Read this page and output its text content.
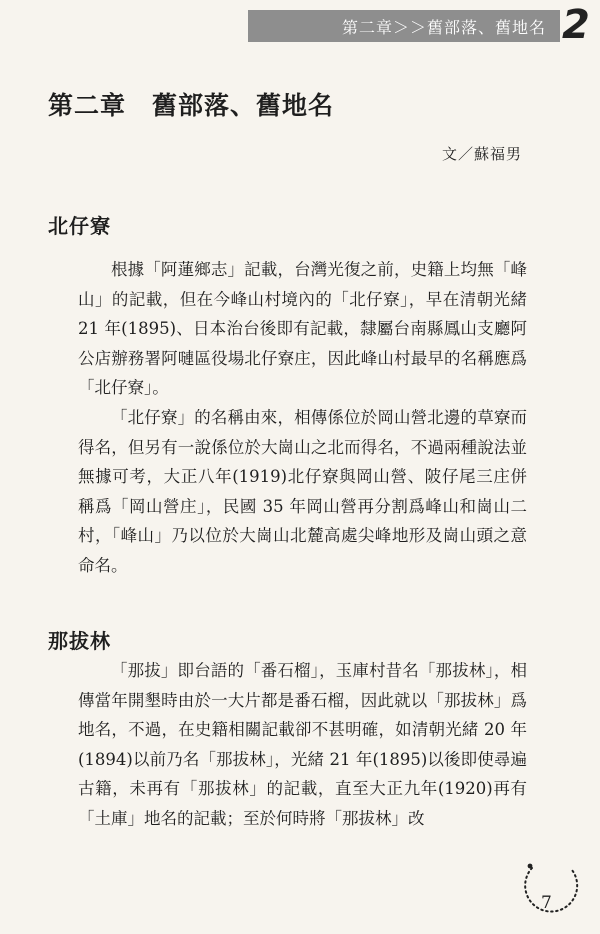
第二章＞＞舊部落、舊地名 2
第二章　舊部落、舊地名
文／蘇福男
北仔寮

根據「阿蓮鄉志」記載，台灣光復之前，史籍上均無「峰山」的記載，但在今峰山村境內的「北仔寮」，早在清朝光緒 21 年(1895)、日本治台後即有記載，隸屬台南縣鳳山支廳阿公店辦務署阿嗹區役場北仔寮庄，因此峰山村最早的名稱應爲「北仔寮」。

「北仔寮」的名稱由來，相傳係位於岡山營北邊的草寮而得名，但另有一說係位於大崗山之北而得名，不過兩種說法並無據可考，大正八年(1919)北仔寮與岡山營、陂仔尾三庄併稱爲「岡山營庄」，民國 35 年岡山營再分割爲峰山和崗山二村，「峰山」乃以位於大崗山北麓高處尖峰地形及崗山頭之意命名。

那拔林

「那拔」即台語的「番石榴」，玉庫村昔名「那拔林」，相傳當年開墾時由於一大片都是番石榴，因此就以「那拔林」爲地名，不過，在史籍相關記載卻不甚明確，如清朝光緒 20 年(1894)以前乃名「那拔林」，光緒 21 年(1895)以後即使尋遍古籍，未再有「那拔林」的記載，直至大正九年(1920)再有「土庫」地名的記載；至於何時將「那拔林」改

7
